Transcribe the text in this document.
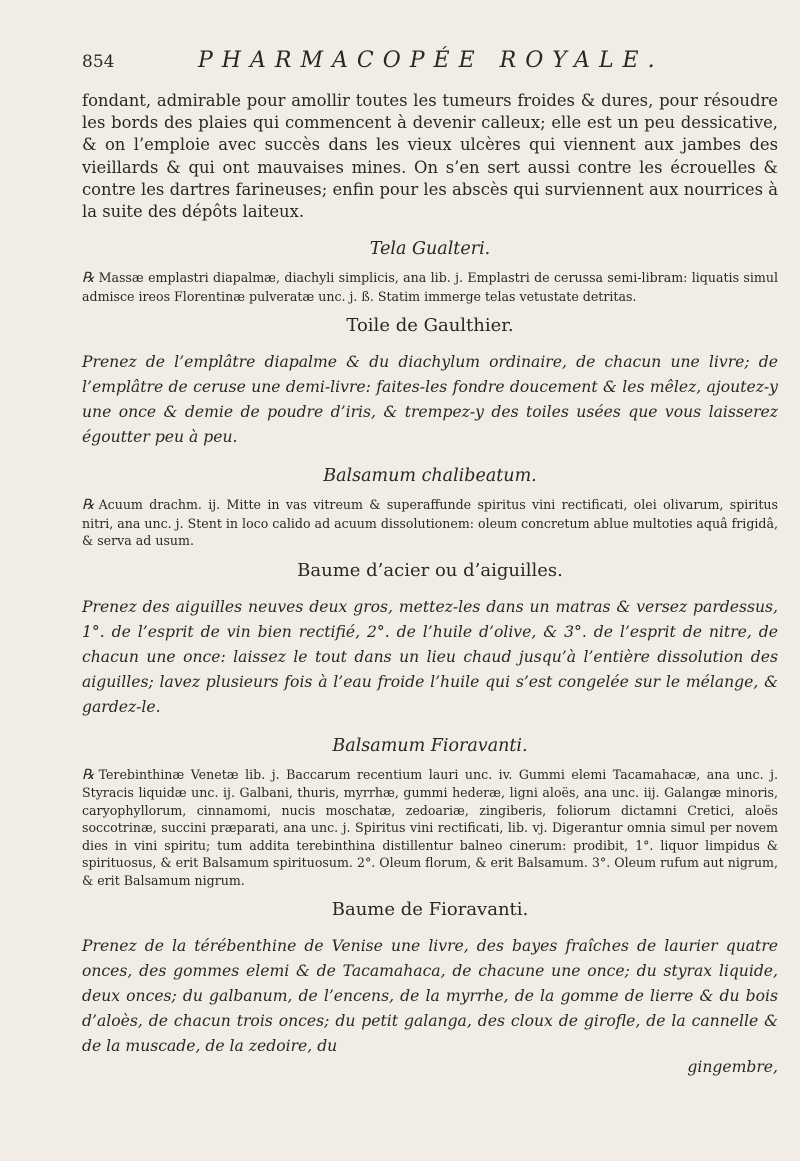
854	PHARMACOPÉE ROYALE.

fondant, admirable pour amollir toutes les tumeurs froides & dures, pour résoudre les bords des plaies qui commencent à devenir calleux; elle est un peu dessicative, & on l’emploie avec succès dans les vieux ulcères qui viennent aux jambes des vieillards & qui ont mauvaises mines. On s’en sert aussi contre les écrouelles & contre les dartres farineuses; enfin pour les abscès qui surviennent aux nourrices à la suite des dépôts laiteux.

Tela Gualteri.

℞ Massæ emplastri diapalmæ, diachyli simplicis, ana lib. j. Emplastri de cerussa semi-libram: liquatis simul admisce ireos Florentinæ pulveratæ unc. j. ß. Statim immerge telas vetustate detritas.

Toile de Gaulthier.

Prenez de l’emplâtre diapalme & du diachylum ordinaire, de chacun une livre; de l’emplâtre de ceruse une demi-livre: faites-les fondre doucement & les mêlez, ajoutez-y une once & demie de poudre d’iris, & trempez-y des toiles usées que vous laisserez égoutter peu à peu.

Balsamum chalibeatum.

℞ Acuum drachm. ij. Mitte in vas vitreum & superaffunde spiritus vini rectificati, olei olivarum, spiritus nitri, ana unc. j. Stent in loco calido ad acuum dissolutionem: oleum concretum ablue multoties aquâ frigidâ, & serva ad usum.

Baume d’acier ou d’aiguilles.

Prenez des aiguilles neuves deux gros, mettez-les dans un matras & versez pardessus, 1°. de l’esprit de vin bien rectifié, 2°. de l’huile d’olive, & 3°. de l’esprit de nitre, de chacun une once: laissez le tout dans un lieu chaud jusqu’à l’entière dissolution des aiguilles; lavez plusieurs fois à l’eau froide l’huile qui s’est congelée sur le mélange, & gardez-le.

Balsamum Fioravanti.

℞ Terebinthinæ Venetæ lib. j. Baccarum recentium lauri unc. iv. Gummi elemi Tacamahacæ, ana unc. j. Styracis liquidæ unc. ij. Galbani, thuris, myrrhæ, gummi hederæ, ligni aloës, ana unc. iij. Galangæ minoris, caryophyllorum, cinnamomi, nucis moschatæ, zedoariæ, zingiberis, foliorum dictamni Cretici, aloës soccotrinæ, succini præparati, ana unc. j. Spiritus vini rectificati, lib. vj. Digerantur omnia simul per novem dies in vini spiritu; tum addita terebinthina distillentur balneo cinerum: prodibit, 1°. liquor limpidus & spirituosus, & erit Balsamum spirituosum. 2°. Oleum florum, & erit Balsamum. 3°. Oleum rufum aut nigrum, & erit Balsamum nigrum.

Baume de Fioravanti.

Prenez de la térébenthine de Venise une livre, des bayes fraîches de laurier quatre onces, des gommes elemi & de Tacamahaca, de chacune une once; du styrax liquide, deux onces; du galbanum, de l’encens, de la myrrhe, de la gomme de lierre & du bois d’aloès, de chacun trois onces; du petit galanga, des cloux de girofle, de la cannelle & de la muscade, de la zedoire, du

gingembre,
